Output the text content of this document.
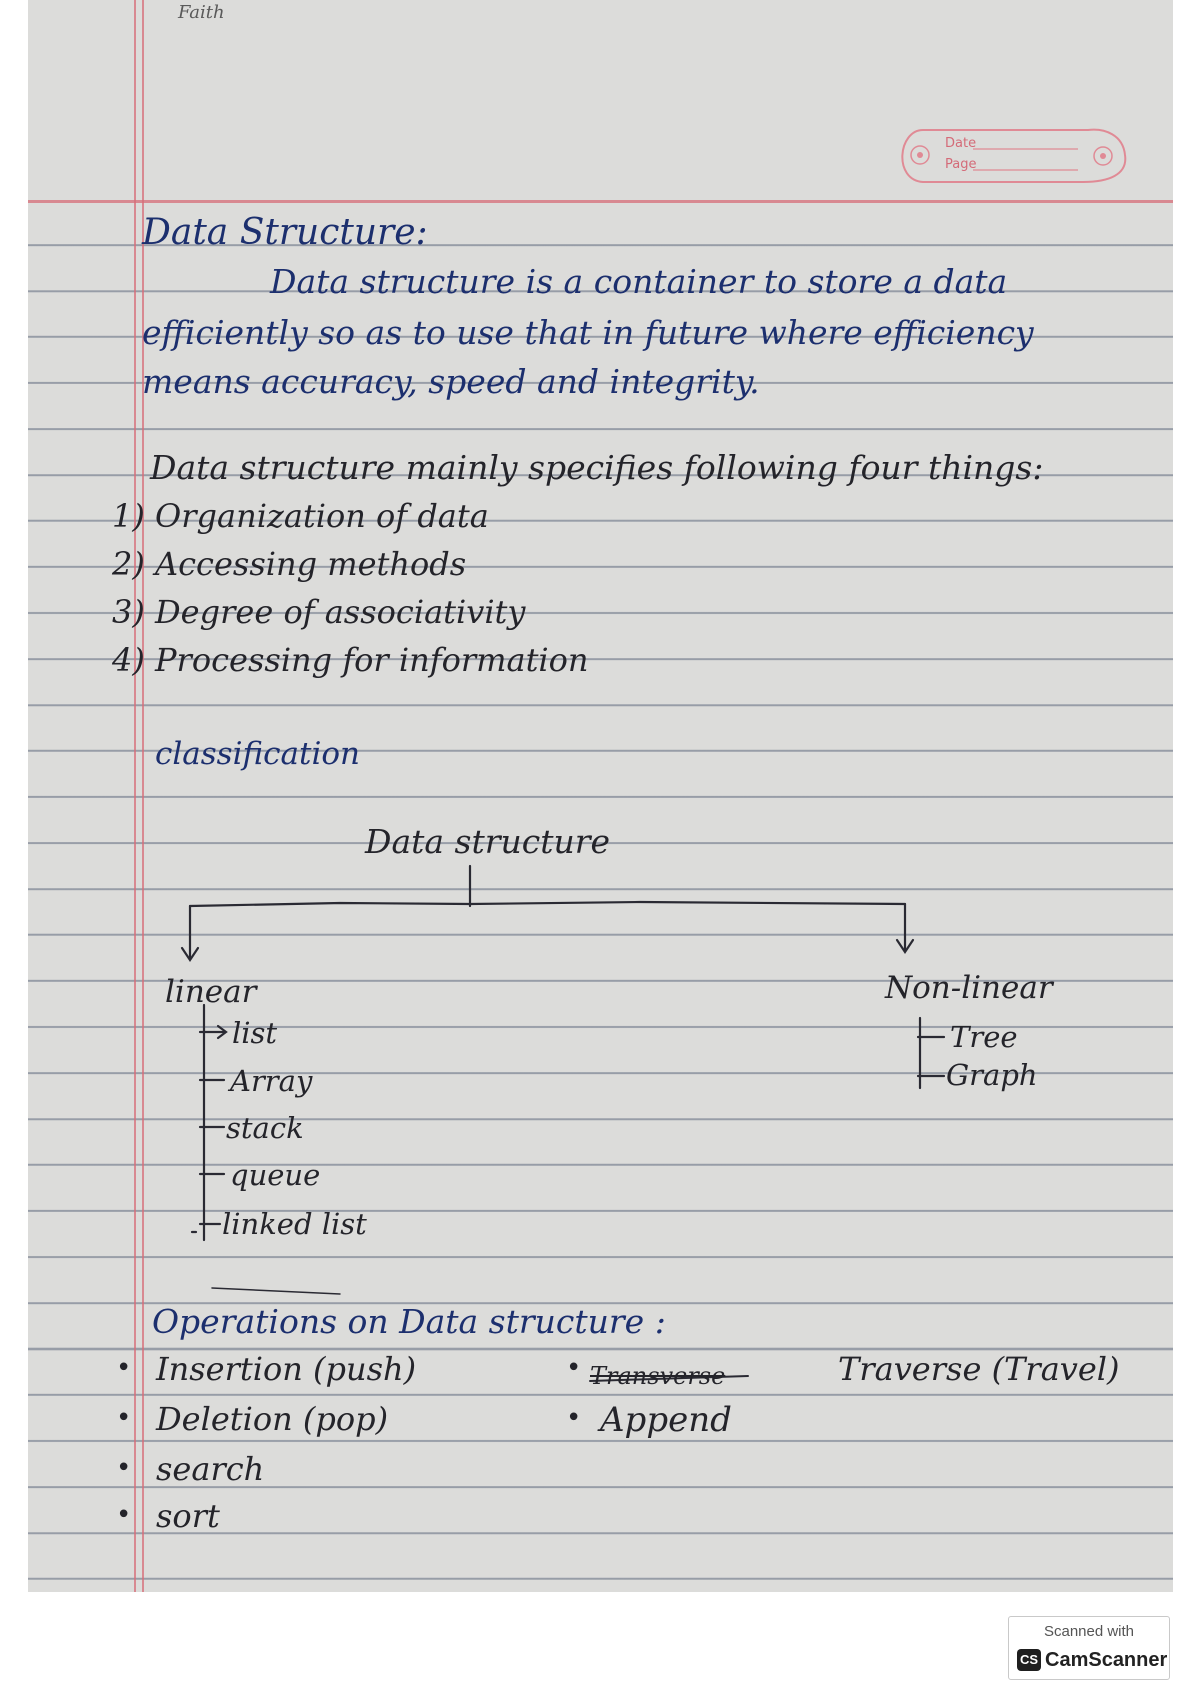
Faith
Date
Page
Data Structure:
Data structure is a container to store a data
efficiently so as to use that in future where efficiency
means accuracy, speed and integrity.
Data structure mainly specifies following four things:
1) Organization of data
2) Accessing methods
3) Degree of associativity
4) Processing for information
classification
Data structure
linear
list
Array
stack
queue
linked list
Non-linear
Tree
Graph
Operations on Data structure :
• Insertion (push)
• Deletion (pop)
• search
• sort
• Transverse	Traverse (Travel)
• Append
Scanned with
CS CamScanner
